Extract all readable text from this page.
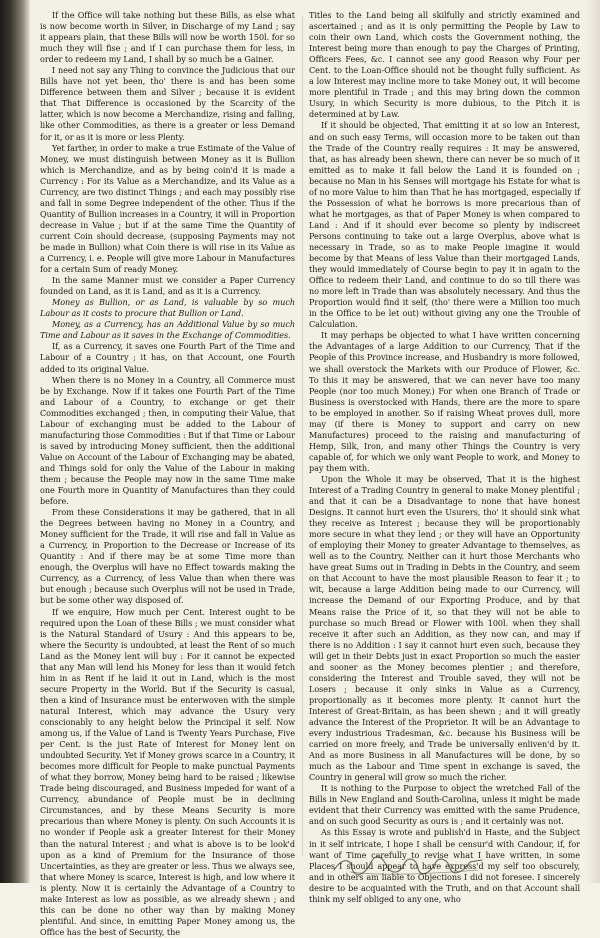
If the Office will take nothing but these Bills, as else what is now become worth in Silver, in Discharge of my Land ; say it appears plain, that these Bills will now be worth 150l. for so much they will fise ; and if I can purchase them for less, in order to redeem my Land, I shall by so much be a Gainer.

I need not say any Thing to convince the Judicious that our Bills have not yet been, tho' there is and has been some Difference between them and Silver ; because it is evident that That Difference is occasioned by the Scarcity of the latter, which is now become a Merchandize, rising and falling, like other Commodities, as there is a greater or less Demand for it, or as it is more or less Plenty.

Yet farther, in order to make a true Estimate of the Value of Money, we must distinguish between Money as it is Bullion which is Merchandize, and as by being coin'd it is made a Currency : For its Value as a Merchandize, and its Value as a Currency, are two distinct Things ; and each may possibly rise and fall in some Degree independent of the other. Thus if the Quantity of Bullion increases in a Country, it will in Proportion decrease in Value ; but if at the same Time the Quantity of current Coin should decrease, (supposing Payments may not be made in Bullion) what Coin there is will rise in its Value as a Currency, i. e. People will give more Labour in Manufactures for a certain Sum of ready Money.

In the same Manner must we consider a Paper Currency founded on Land, as it is Land, and as it is a Currency.

Money as Bullion, or as Land, is valuable by so much Labour as it costs to procure that Bullion or Land.

Money, as a Currency, has an Additional Value by so much Time and Labour as it saves in the Exchange of Commodities.

If, as a Currency, it saves one Fourth Part of the Time and Labour of a Country ; it has, on that Account, one Fourth added to its original Value.

When there is no Money in a Country, all Commerce must be by Exchange. Now if it takes one Fourth Part of the Time and Labour of a Country, to exchange or get their Commodities exchanged ; then, in computing their Value, that Labour of exchanging must be added to the Labour of manufacturing those Commodities : But if that Time or Labour is saved by introducing Money sufficient, then the additional Value on Account of the Labour of Exchanging may be abated, and Things sold for only the Value of the Labour in making them ; because the People may now in the same Time make one Fourth more in Quantity of Manufactures than they could before.

From these Considerations it may be gathered, that in all the Degrees between having no Money in a Country, and Money sufficient for the Trade, it will rise and fall in Value as a Currency, in Proportion to the Decrease or Increase of its Quantity : And if there may be at some Time more than enough, the Overplus will have no Effect towards making the Currency, as a Currency, of less Value than when there was but enough ; because such Overplus will not be used in Trade, but be some other way disposed of.

If we enquire, How much per Cent. Interest ought to be required upon the Loan of these Bills ; we must consider what is the Natural Standard of Usury : And this appears to be, where the Security is undoubted, at least the Rent of so much Land as the Money lent will buy : For it cannot be expected that any Man will lend his Money for less than it would fetch him in as Rent if he laid it out in Land, which is the most secure Property in the World. But if the Security is casual, then a kind of Insurance must be enterwoven with the simple natural Interest, which may advance the Usury very conscionably to any height below the Principal it self. Now among us, if the Value of Land is Twenty Years Purchase, Five per Cent. is the just Rate of Interest for Money lent on undoubted Security. Yet if Money grows scarce in a Country, it becomes more difficult for People to make punctual Payments of what they borrow, Money being hard to be raised ; likewise Trade being discouraged, and Business impeded for want of a Currency, abundance of People must be in declining Circumstances, and by these Means Security is more precarious than where Money is plenty. On such Accounts it is no wonder if People ask a greater Interest for their Money than the natural Interest ; and what is above is to be look'd upon as a kind of Premium for the Insurance of those Uncertainties, as they are greater or less. Thus we always see, that where Money is scarce, Interest is high, and low where it is plenty. Now it is certainly the Advantage of a Country to make Interest as low as possible, as we already shewn ; and this can be done no other way than by making Money plentiful. And since, in emitting Paper Money among us, the Office has the best of Security, the

Titles to the Land being all skilfully and strictly examined and ascertained ; and as it is only permitting the People by Law to coin their own Land, which costs the Government nothing, the Interest being more than enough to pay the Charges of Printing, Officers Fees, &c. I cannot see any good Reason why Four per Cent. to the Loan-Office should not be thought fully sufficient. As a low Interest may incline more to take Money out, it will become more plentiful in Trade ; and this may bring down the common Usury, in which Security is more dubious, to the Pitch it is determined at by Law.

If it should be objected, That emitting it at so low an Interest, and on such easy Terms, will occasion more to be taken out than the Trade of the Country really requires : It may be answered, that, as has already been shewn, there can never be so much of it emitted as to make it fall below the Land it is founded on ; because no Man in his Senses will mortgage his Estate for what is of no more Value to him than That he has mortgaged, especially if the Possession of what he borrows is more precarious than of what he mortgages, as that of Paper Money is when compared to Land : And if it should ever become so plenty by indiscreet Persons continuing to take out a large Overplus, above what is necessary in Trade, so as to make People imagine it would become by that Means of less Value than their mortgaged Lands, they would immediately of Course begin to pay it in again to the Office to redeem their Land, and continue to do so till there was no more left in Trade than was absolutely necessary. And thus the Proportion would find it self, (tho' there were a Million too much in the Office to be let out) without giving any one the Trouble of Calculation.

It may perhaps be objected to what I have written concerning the Advantages of a large Addition to our Currency, That if the People of this Province increase, and Husbandry is more followed, we shall overstock the Markets with our Produce of Flower, &c. To this it may be answered, that we can never have too many People (nor too much Money.) For when one Branch of Trade or Business is overstocked with Hands, there are the more to spare to be employed in another. So if raising Wheat proves dull, more may (if there is Money to support and carry on new Manufactures) proceed to the raising and manufacturing of Hemp, Silk, Iron, and many other Things the Country is very capable of, for which we only want People to work, and Money to pay them with.

Upon the Whole it may be observed, That it is the highest Interest of a Trading Country in general to make Money plentiful ; and that it can be a Disadvantage to none that have honest Designs. It cannot hurt even the Usurers, tho' it should sink what they receive as Interest ; because they will be proportionably more secure in what they lend ; or they will have an Opportunity of employing their Money to greater Advantage to themselves, as well as to the Country. Neither can it hurt those Merchants who have great Sums out in Trading in Debts in the Country, and seem on that Account to have the most plausible Reason to fear it ; to wit, because a large Addition being made to our Currency, will increase the Demand of our Exporting Produce, and by that Means raise the Price of it, so that they will not be able to purchase so much Bread or Flower with 100l. when they shall receive it after such an Addition, as they now can, and may if there is no Addition : I say it cannot hurt even such, because they will get in their Debts just in exact Proportion so much the easier and sooner as the Money becomes plentier ; and therefore, considering the Interest and Trouble saved, they will not be Losers ; because it only sinks in Value as a Currency, proportionally as it becomes more plenty. It cannot hurt the Interest of Great-Britain, as has been shewn ; and it will greatly advance the Interest of the Proprietor. It will be an Advantage to every industrious Tradesman, &c. because his Business will be carried on more freely, and Trade be universally enliven'd by it. And as more Business in all Manufactures will be done, by so much as the Labour and Time spent in exchange is saved, the Country in general will grow so much the richer.

It is nothing to the Purpose to object the wretched Fall of the Bills in New England and South-Carolina, unless it might be made evident that their Currency was emitted with the same Prudence, and on such good Security as ours is ; and it certainly was not.

As this Essay is wrote and publish'd in Haste, and the Subject in it self intricate, I hope I shall be censur'd with Candour, if, for want of Time carefully to revise what I have written, in some Places I should appear to have express'd my self too obscurely, and in others am liable to Objections I did not foresee. I sincerely desire to be acquainted with the Truth, and on that Account shall think my self obliged to any one, who
